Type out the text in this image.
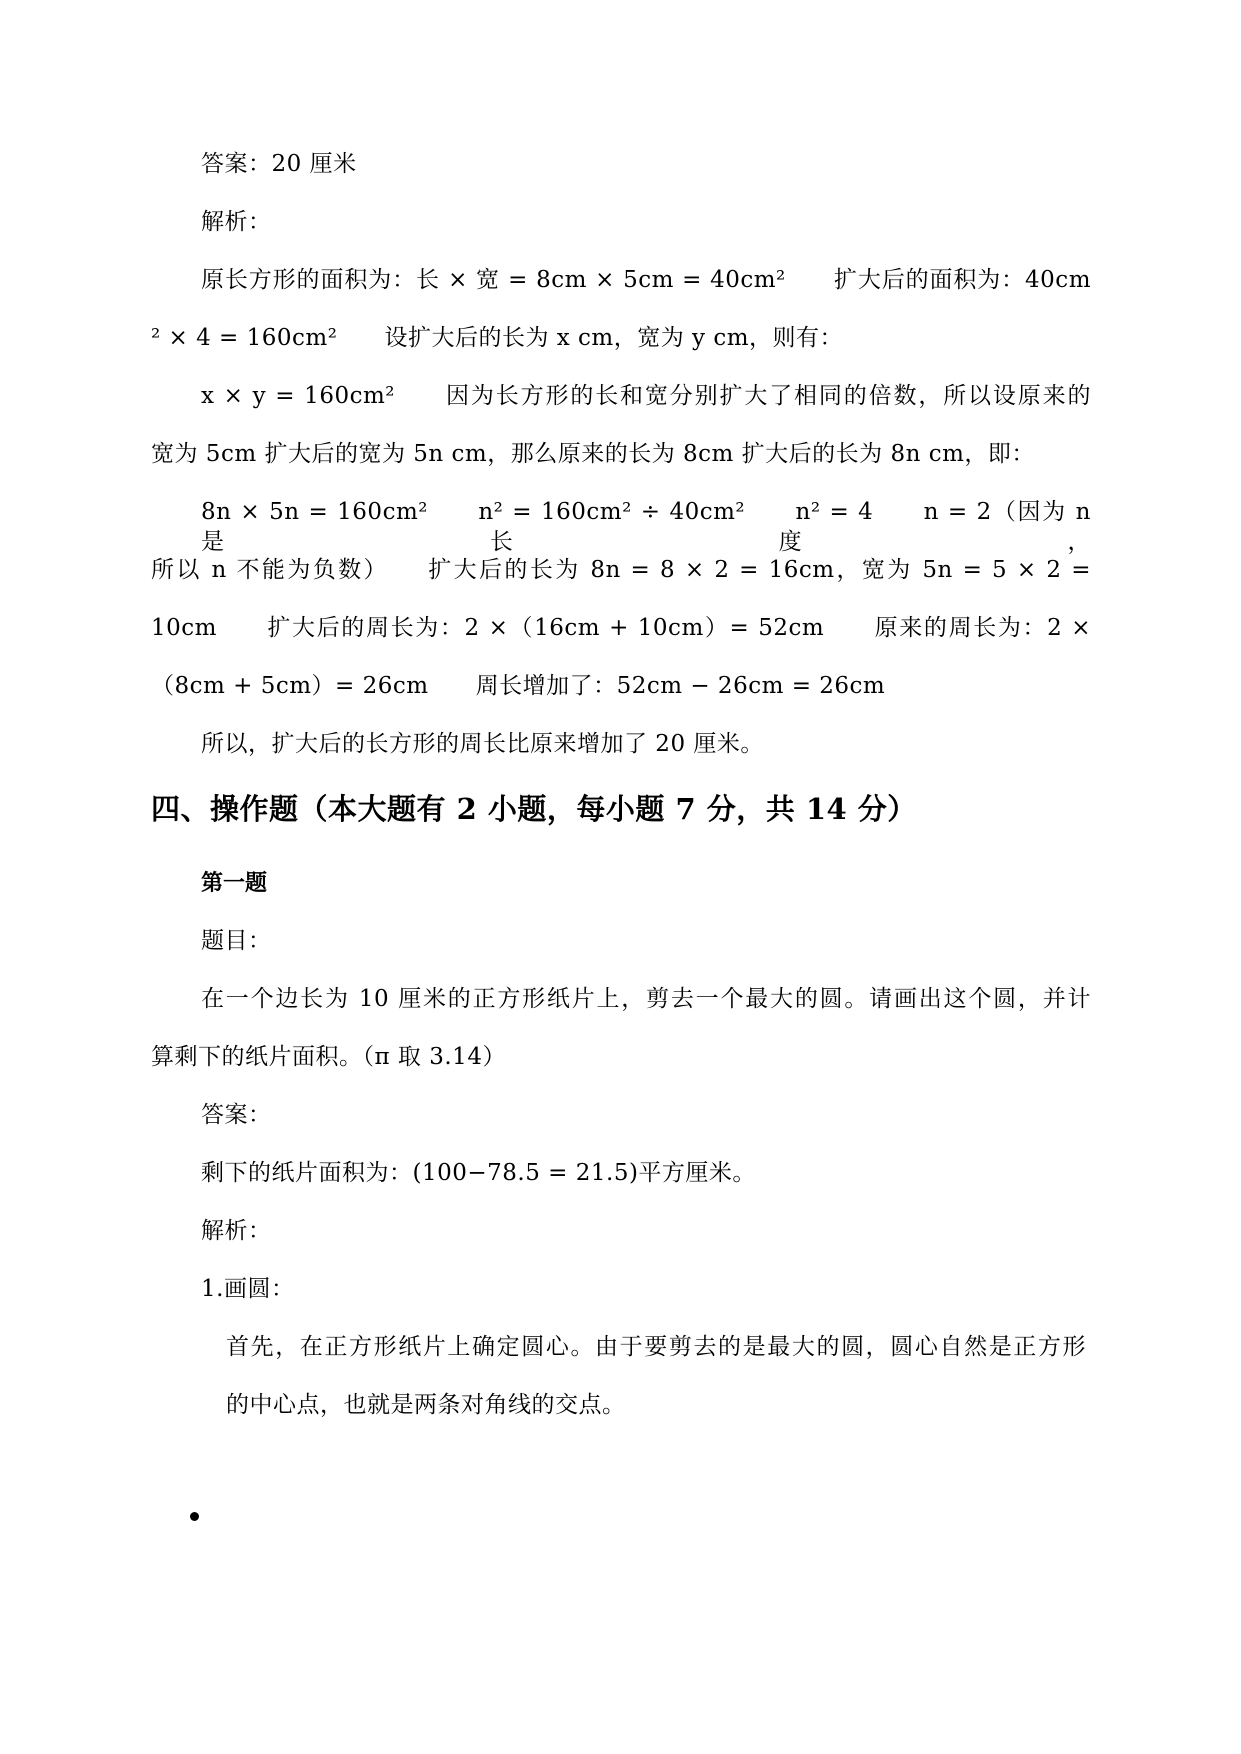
答案：20 厘米
解析：
原长方形的面积为：长 × 宽 = 8cm × 5cm = 40cm²　　扩大后的面积为：40cm
² × 4 = 160cm²　　设扩大后的长为 x cm，宽为 y cm，则有：
x × y = 160cm²　　因为长方形的长和宽分别扩大了相同的倍数，所以设原来的
宽为 5cm 扩大后的宽为 5n cm，那么原来的长为 8cm 扩大后的长为 8n cm，即：
8n × 5n = 160cm²　　n² = 160cm² ÷ 40cm²　　n² = 4　　n = 2（因为 n 是长度，
所以 n 不能为负数）　　扩大后的长为 8n = 8 × 2 = 16cm，宽为 5n = 5 × 2 =
10cm　　扩大后的周长为：2 ×（16cm + 10cm）= 52cm　　原来的周长为：2 ×
（8cm + 5cm）= 26cm　　周长增加了：52cm − 26cm = 26cm
所以，扩大后的长方形的周长比原来增加了 20 厘米。
四、操作题（本大题有 2 小题，每小题 7 分，共 14 分）
第一题
题目：
在一个边长为 10 厘米的正方形纸片上，剪去一个最大的圆。请画出这个圆，并计
算剩下的纸片面积。（π 取 3.14）
答案：
剩下的纸片面积为：(100−78.5 = 21.5)平方厘米。
解析：
1.画圆：
首先，在正方形纸片上确定圆心。由于要剪去的是最大的圆，圆心自然是正方形
的中心点，也就是两条对角线的交点。
